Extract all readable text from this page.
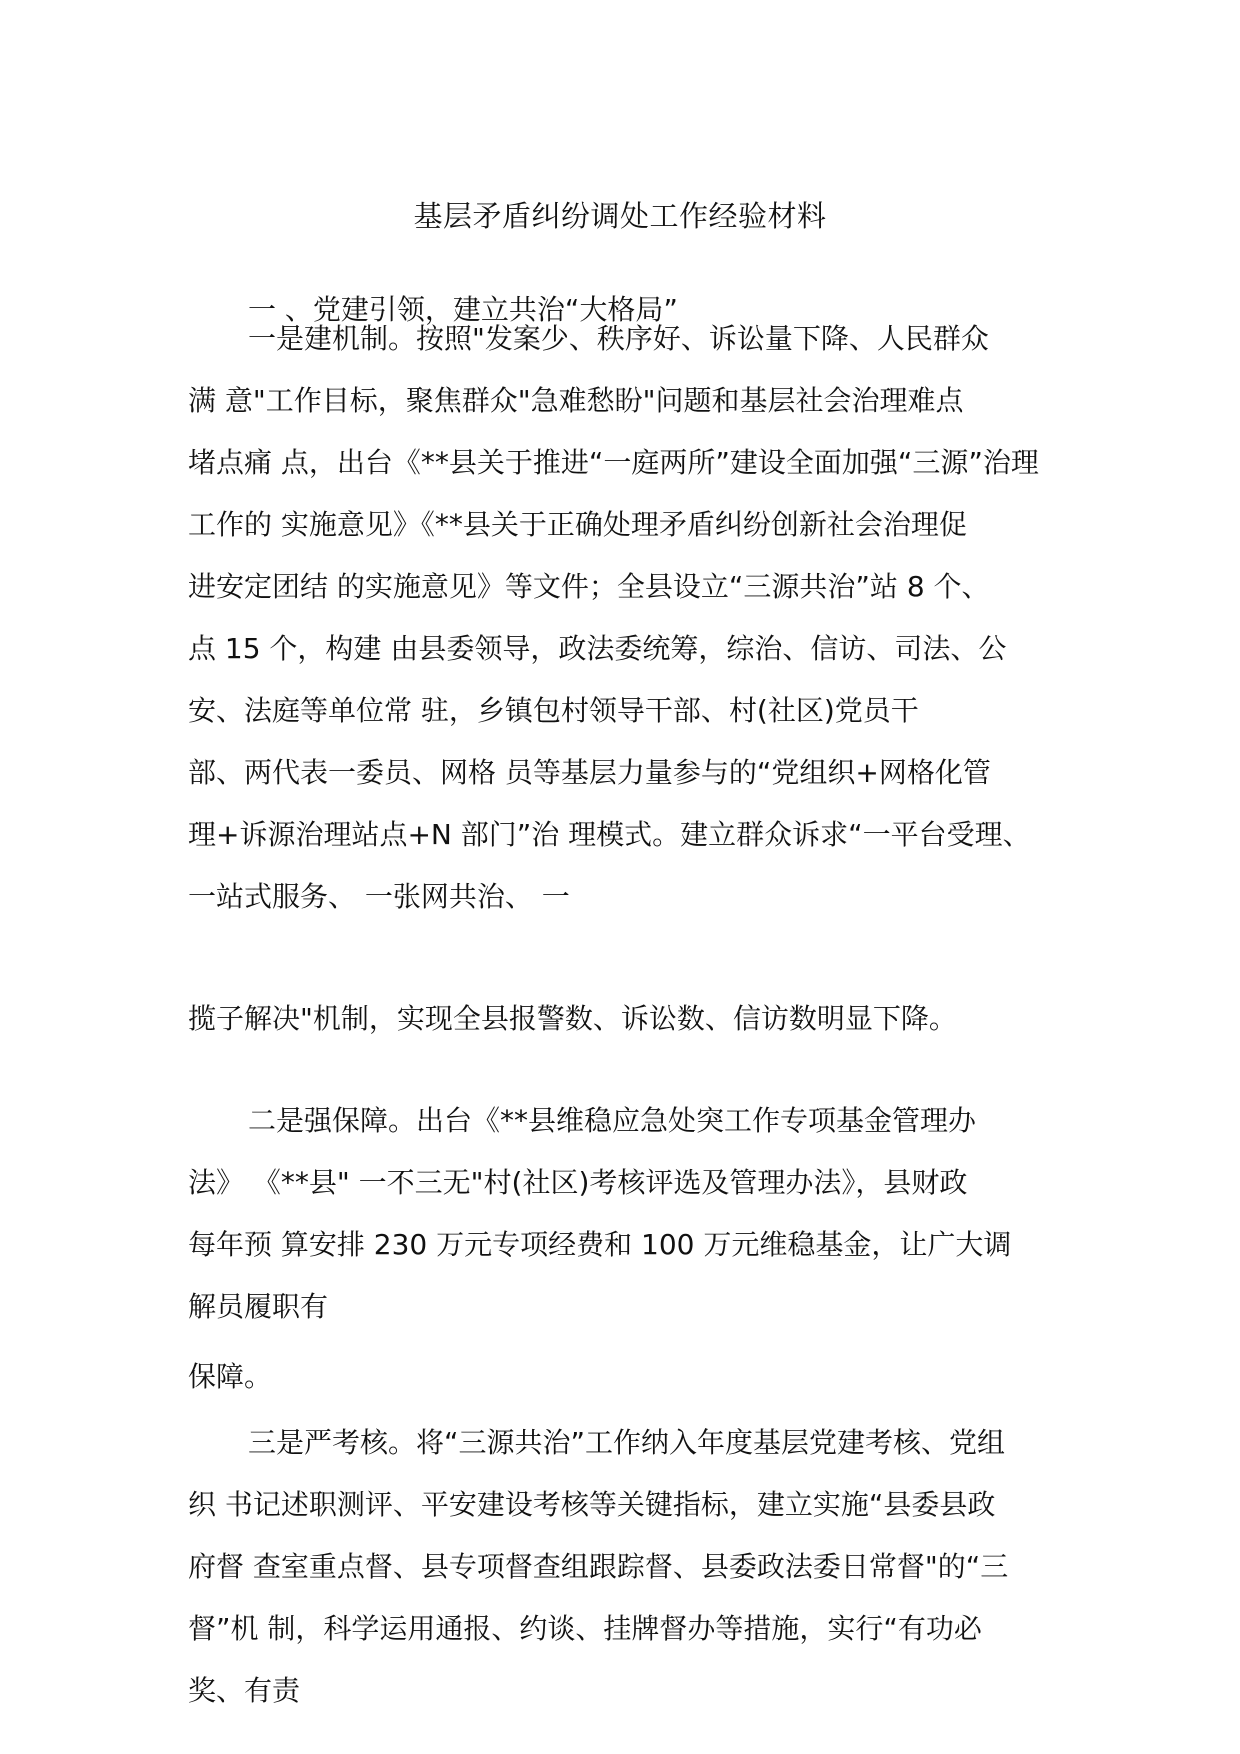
基层矛盾纠纷调处工作经验材料
一 、党建引领，建立共治“大格局”
一是建机制。按照"发案少、秩序好、诉讼量下降、人民群众
满 意"工作目标，聚焦群众"急难愁盼"问题和基层社会治理难点
堵点痛 点，出台《**县关于推进“一庭两所”建设全面加强“三源”治理
工作的 实施意见》《**县关于正确处理矛盾纠纷创新社会治理促
进安定团结 的实施意见》等文件；全县设立“三源共治”站 8 个、
点 15 个，构建 由县委领导，政法委统筹，综治、信访、司法、公
安、法庭等单位常 驻，乡镇包村领导干部、村(社区)党员干
部、两代表一委员、网格 员等基层力量参与的“党组织+网格化管
理+诉源治理站点+N 部门”治 理模式。建立群众诉求“一平台受理、
一站式服务、 一张网共治、 一
揽子解决"机制，实现全县报警数、诉讼数、信访数明显下降。
二是强保障。出台《**县维稳应急处突工作专项基金管理办
法》 《**县" 一不三无"村(社区)考核评选及管理办法》，县财政
每年预 算安排 230 万元专项经费和 100 万元维稳基金，让广大调
解员履职有
保障。
三是严考核。将“三源共治”工作纳入年度基层党建考核、党组
织 书记述职测评、平安建设考核等关键指标，建立实施“县委县政
府督 查室重点督、县专项督查组跟踪督、县委政法委日常督"的“三
督”机 制，科学运用通报、约谈、挂牌督办等措施，实行“有功必
奖、有责
